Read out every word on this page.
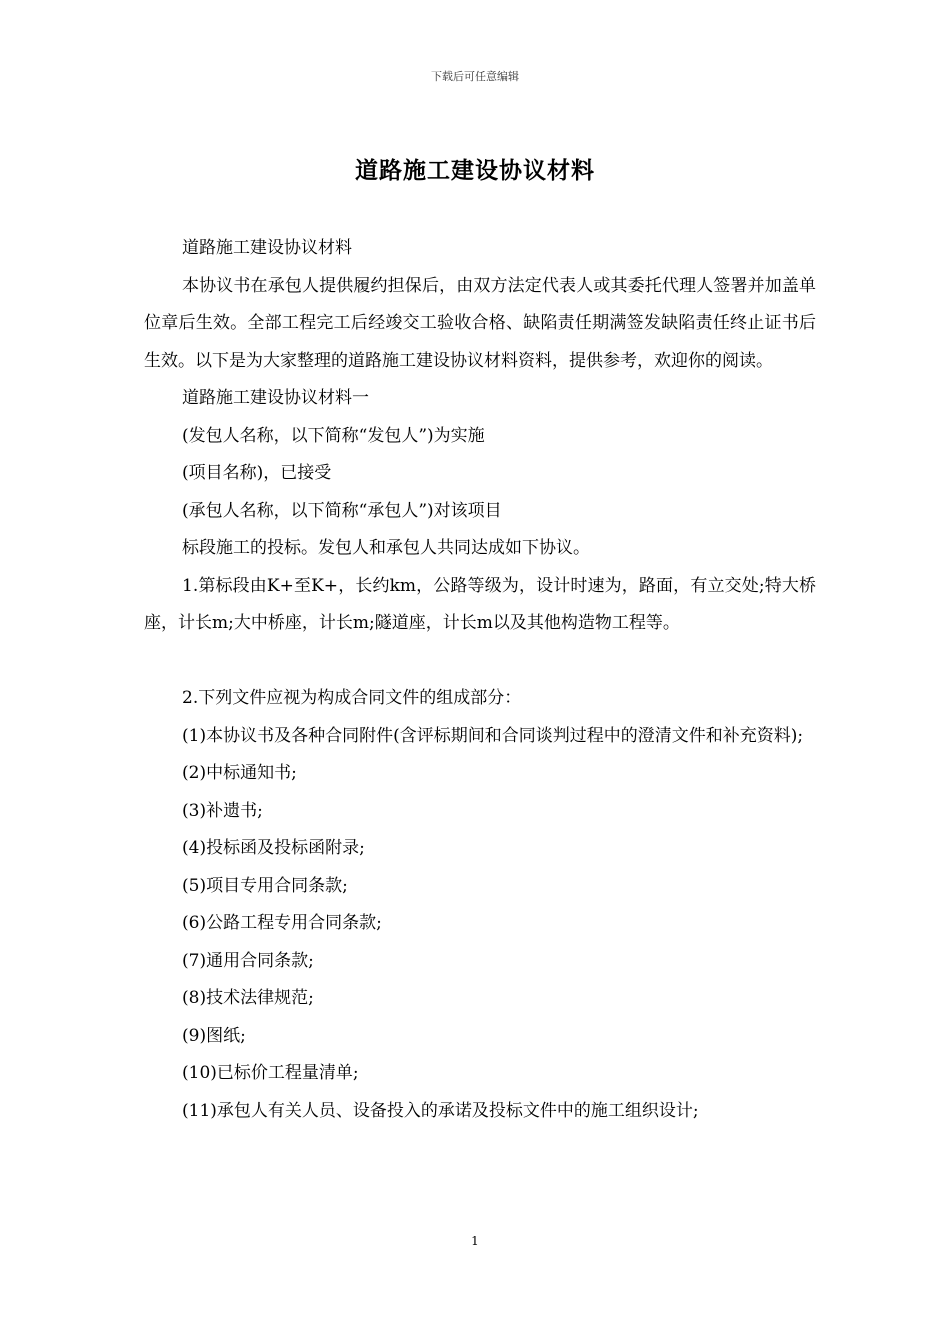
下载后可任意编辑
道路施工建设协议材料

道路施工建设协议材料

本协议书在承包人提供履约担保后，由双方法定代表人或其委托代理人签署并加盖单位章后生效。全部工程完工后经竣交工验收合格、缺陷责任期满签发缺陷责任终止证书后生效。以下是为大家整理的道路施工建设协议材料资料，提供参考，欢迎你的阅读。

道路施工建设协议材料一

(发包人名称，以下简称“发包人”)为实施

(项目名称)，已接受

(承包人名称，以下简称“承包人”)对该项目

标段施工的投标。发包人和承包人共同达成如下协议。

1.第标段由K+至K+，长约km，公路等级为，设计时速为，路面，有立交处;特大桥座，计长m;大中桥座，计长m;隧道座，计长m以及其他构造物工程等。

2.下列文件应视为构成合同文件的组成部分：

(1)本协议书及各种合同附件(含评标期间和合同谈判过程中的澄清文件和补充资料);

(2)中标通知书;

(3)补遗书;

(4)投标函及投标函附录;

(5)项目专用合同条款;

(6)公路工程专用合同条款;

(7)通用合同条款;

(8)技术法律规范;

(9)图纸;

(10)已标价工程量清单;

(11)承包人有关人员、设备投入的承诺及投标文件中的施工组织设计;

1
